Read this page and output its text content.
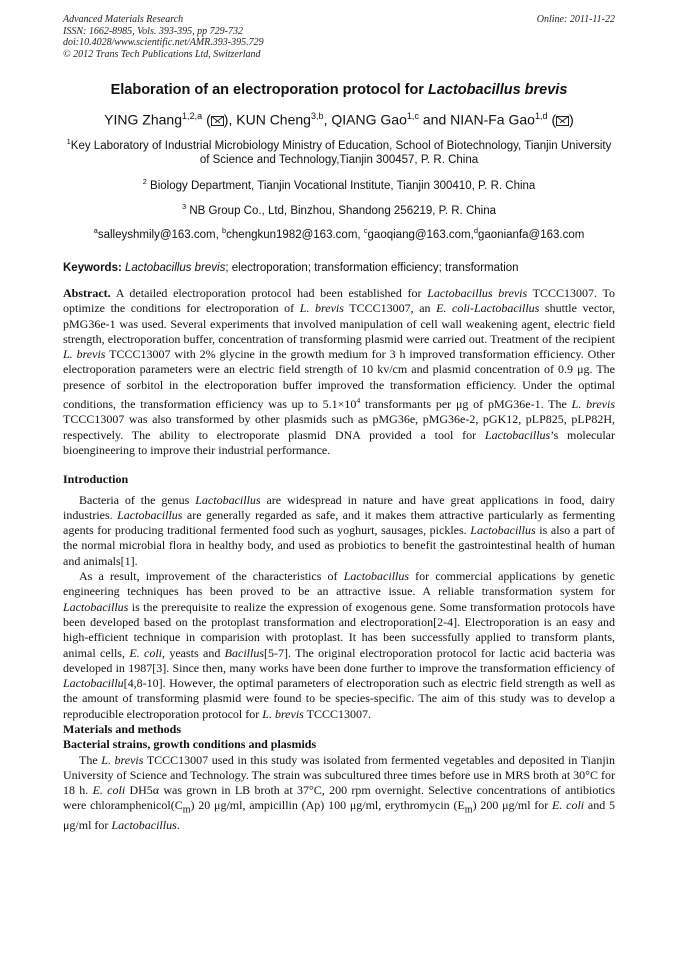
Advanced Materials Research
ISSN: 1662-8985, Vols. 393-395, pp 729-732
doi:10.4028/www.scientific.net/AMR.393-395.729
© 2012 Trans Tech Publications Ltd, Switzerland
Online: 2011-11-22
Elaboration of an electroporation protocol for Lactobacillus brevis
YING Zhang$^{1,2,a}$ ( ), KUN Cheng$^{3,b}$, QIANG Gao$^{1,c}$ and NIAN-Fa Gao$^{1,d}$ ( )
$^1$Key Laboratory of Industrial Microbiology Ministry of Education, School of Biotechnology, Tianjin University of Science and Technology,Tianjin 300457, P. R. China
$^2$ Biology Department, Tianjin Vocational Institute, Tianjin 300410, P. R. China
$^3$ NB Group Co., Ltd, Binzhou, Shandong 256219, P. R. China
$^a$salleyshmily@163.com, $^b$chengkun1982@163.com, $^c$gaoqiang@163.com,$^d$gaonianfa@163.com
Keywords: Lactobacillus brevis; electroporation; transformation efficiency; transformation

Abstract. A detailed electroporation protocol had been established for Lactobacillus brevis TCCC13007. To optimize the conditions for electroporation of L. brevis TCCC13007, an E. coli-Lactobacillus shuttle vector, pMG36e-1 was used. Several experiments that involved manipulation of cell wall weakening agent, electric field strength, electroporation buffer, concentration of transforming plasmid were carried out. Treatment of the recipient L. brevis TCCC13007 with 2% glycine in the growth medium for 3 h improved transformation efficiency. Other electroporation parameters were an electric field strength of 10 kv/cm and plasmid concentration of 0.9 μg. The presence of sorbitol in the electroporation buffer improved the transformation efficiency. Under the optimal conditions, the transformation efficiency was up to $5.1\times 10^4$ transformants per μg of pMG36e-1. The L. brevis TCCC13007 was also transformed by other plasmids such as pMG36e, pMG36e-2, pGK12, pLP825, pLP82H, respectively. The ability to electroporate plasmid DNA provided a tool for Lactobacillus’s molecular bioengineering to improve their industrial performance.

Introduction

Bacteria of the genus Lactobacillus are widespread in nature and have great applications in food, dairy industries. Lactobacillus are generally regarded as safe, and it makes them attractive particularly as fermenting agents for producing traditional fermented food such as yoghurt, sausages, pickles. Lactobacillus is also a part of the normal microbial flora in healthy body, and used as probiotics to benefit the gastrointestinal health of human and animals[1].

As a result, improvement of the characteristics of Lactobacillus for commercial applications by genetic engineering techniques has been proved to be an attractive issue. A reliable transformation system for Lactobacillus is the prerequisite to realize the expression of exogenous gene. Some transformation protocols have been developed based on the protoplast transformation and electroporation[2-4]. Electroporation is an easy and high-efficient technique in comparision with protoplast. It has been successfully applied to transform plants, animal cells, E. coli, yeasts and Bacillus[5-7]. The original electroporation protocol for lactic acid bacteria was developed in 1987[3]. Since then, many works have been done further to improve the transformation efficiency of Lactobacillu[4,8-10]. However, the optimal parameters of electroporation such as electric field strength as well as the amount of transforming plasmid were found to be species-specific. The aim of this study was to develop a reproducible electroporation protocol for L. brevis TCCC13007.

Materials and methods
Bacterial strains, growth conditions and plasmids

The L. brevis TCCC13007 used in this study was isolated from fermented vegetables and deposited in Tianjin University of Science and Technology. The strain was subcultured three times before use in MRS broth at 30°C for 18 h. E. coli DH5α was grown in LB broth at 37°C, 200 rpm overnight. Selective concentrations of antibiotics were $chloramphenicol(C_m)$ 20 μg/ml, ampicillin (Ap) 100 μg/ml, erythromycin $(E_m)$ 200 μg/ml for E. coli and 5 μg/ml for Lactobacillus.
